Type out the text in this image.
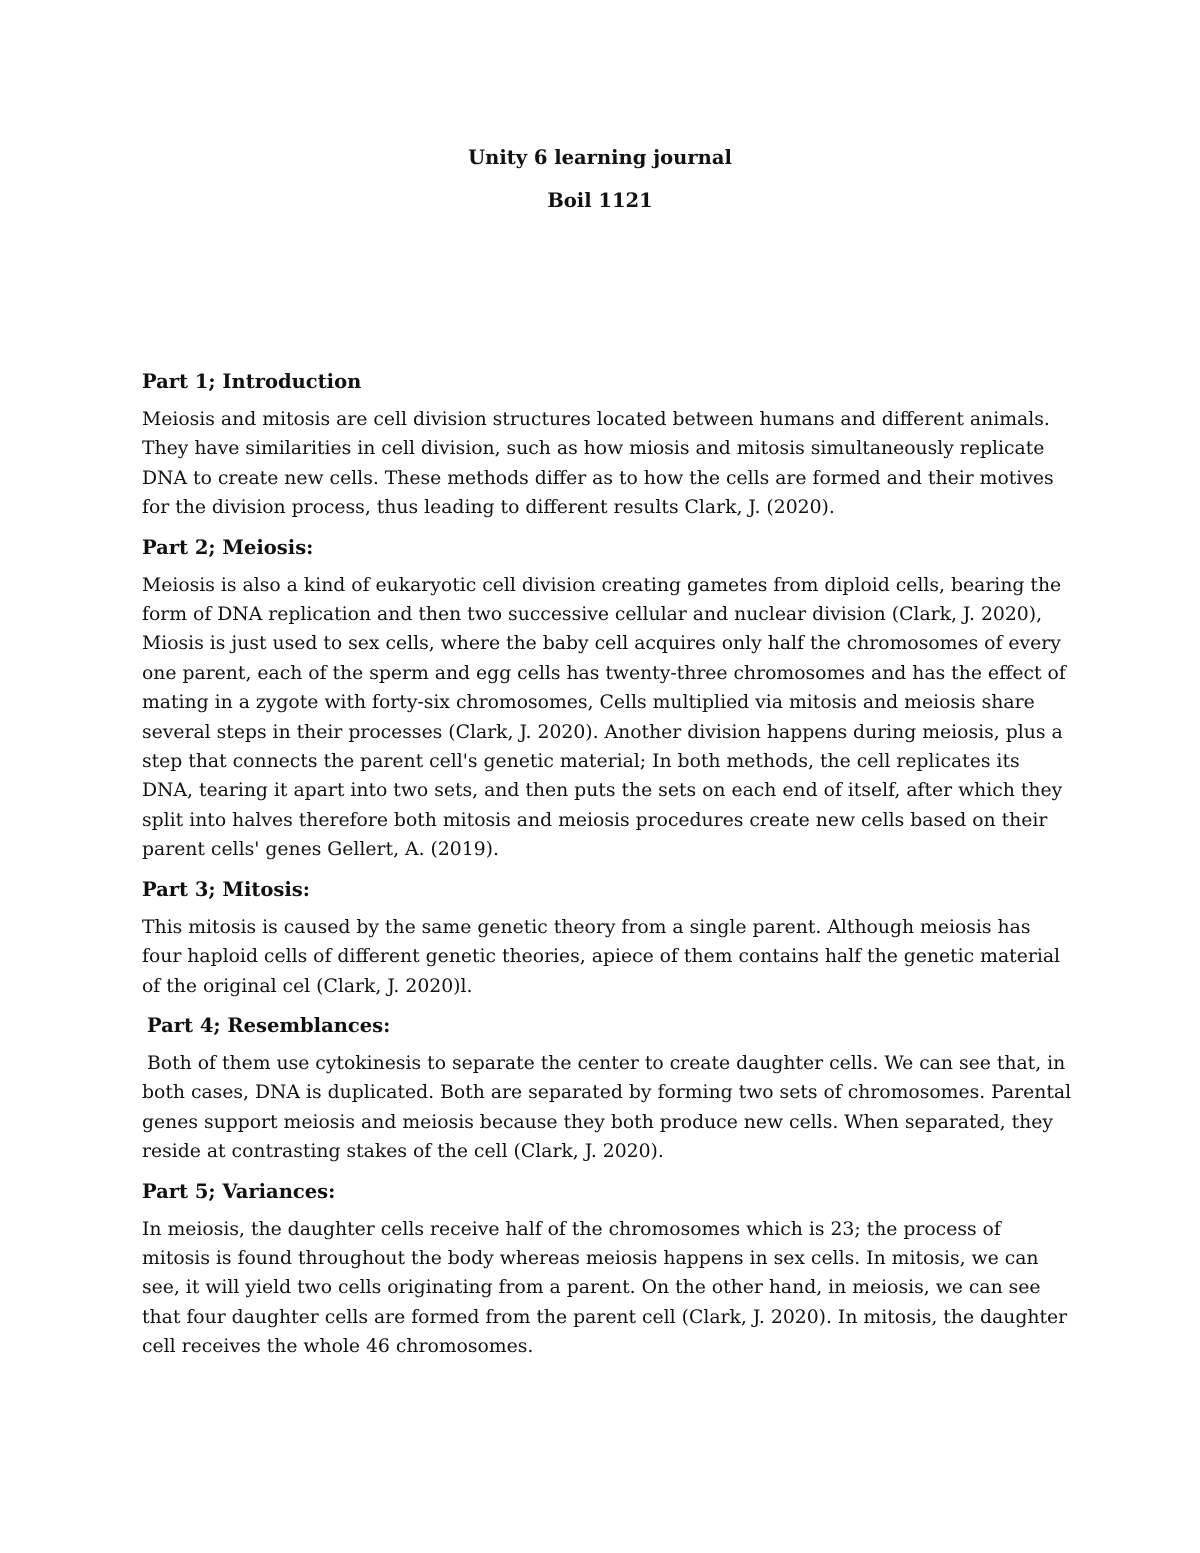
Unity 6 learning journal
Boil 1121
Part 1; Introduction
Meiosis and mitosis are cell division structures located between humans and different animals. They have similarities in cell division, such as how miosis and mitosis simultaneously replicate DNA to create new cells. These methods differ as to how the cells are formed and their motives for the division process, thus leading to different results Clark, J. (2020).
Part 2; Meiosis:
Meiosis is also a kind of eukaryotic cell division creating gametes from diploid cells, bearing the form of DNA replication and then two successive cellular and nuclear division (Clark, J. 2020), Miosis is just used to sex cells, where the baby cell acquires only half the chromosomes of every one parent, each of the sperm and egg cells has twenty-three chromosomes and has the effect of mating in a zygote with forty-six chromosomes, Cells multiplied via mitosis and meiosis share several steps in their processes (Clark, J. 2020). Another division happens during meiosis, plus a step that connects the parent cell's genetic material; In both methods, the cell replicates its DNA, tearing it apart into two sets, and then puts the sets on each end of itself, after which they split into halves therefore both mitosis and meiosis procedures create new cells based on their parent cells' genes Gellert, A. (2019).
Part 3; Mitosis:
This mitosis is caused by the same genetic theory from a single parent. Although meiosis has four haploid cells of different genetic theories, apiece of them contains half the genetic material of the original cel (Clark, J. 2020)l.
Part 4; Resemblances:
Both of them use cytokinesis to separate the center to create daughter cells. We can see that, in both cases, DNA is duplicated. Both are separated by forming two sets of chromosomes. Parental genes support meiosis and meiosis because they both produce new cells. When separated, they reside at contrasting stakes of the cell (Clark, J. 2020).
Part 5; Variances:
In meiosis, the daughter cells receive half of the chromosomes which is 23; the process of mitosis is found throughout the body whereas meiosis happens in sex cells. In mitosis, we can see, it will yield two cells originating from a parent. On the other hand, in meiosis, we can see that four daughter cells are formed from the parent cell (Clark, J. 2020). In mitosis, the daughter cell receives the whole 46 chromosomes.
